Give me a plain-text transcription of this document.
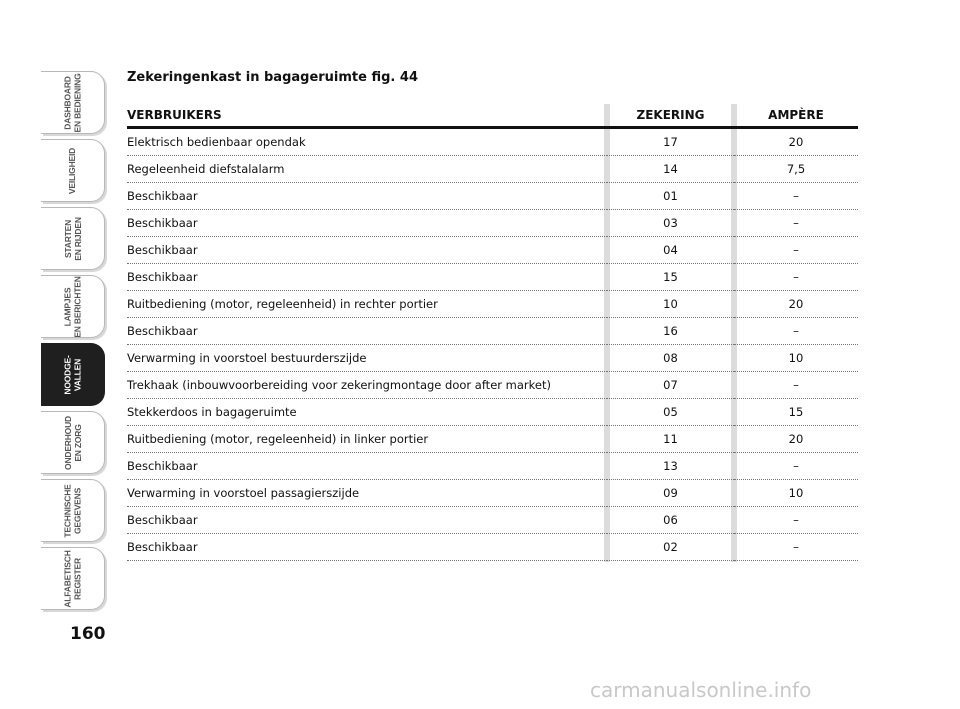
DASHBOARD
EN BEDIENING
VEILIGHEID
STARTEN
EN RIJDEN
LAMPJES
EN BERICHTEN
NOODGE-
VALLEN
ONDERHOUD
EN ZORG
TECHNISCHE
GEGEVENS
ALFABETISCH
REGISTER
160
Zekeringenkast in bagageruimte fig. 44
VERBRUIKERS	ZEKERING	AMPÈRE
Elektrisch bedienbaar opendak	17	20
Regeleenheid diefstalalarm	14	7,5
Beschikbaar	01	–
Beschikbaar	03	–
Beschikbaar	04	–
Beschikbaar	15	–
Ruitbediening (motor, regeleenheid) in rechter portier	10	20
Beschikbaar	16	–
Verwarming in voorstoel bestuurderszijde	08	10
Trekhaak (inbouwvoorbereiding voor zekeringmontage door after market)	07	–
Stekkerdoos in bagageruimte	05	15
Ruitbediening (motor, regeleenheid) in linker portier	11	20
Beschikbaar	13	–
Verwarming in voorstoel passagierszijde	09	10
Beschikbaar	06	–
Beschikbaar	02	–
carmanualsonline.info
